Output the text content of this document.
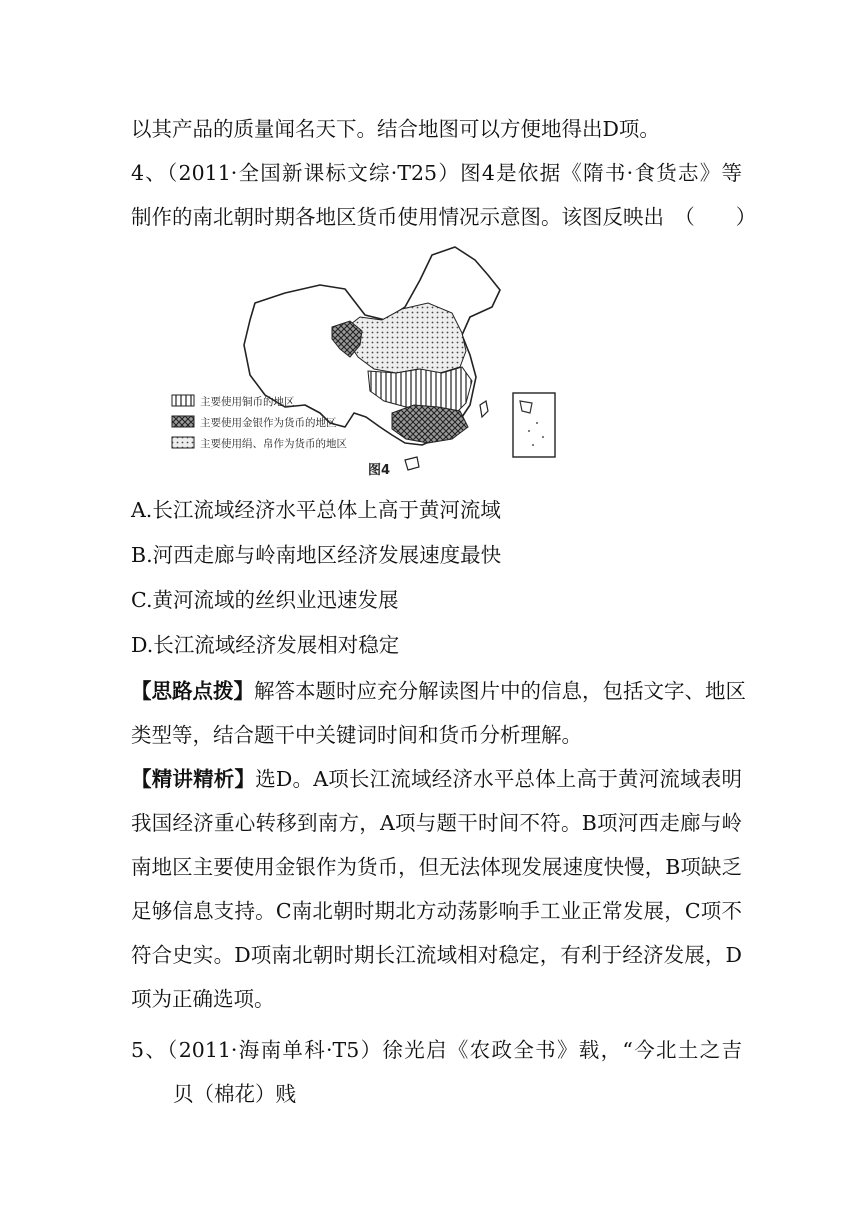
以其产品的质量闻名天下。结合地图可以方便地得出D项。
4、（2011·全国新课标文综·T25）图4是依据《隋书·食货志》等
制作的南北朝时期各地区货币使用情况示意图。该图反映出　（　　）
主要使用铜币的地区
主要使用金银作为货币的地区
主要使用绢、帛作为货币的地区
图4
A.长江流域经济水平总体上高于黄河流域
B.河西走廊与岭南地区经济发展速度最快
C.黄河流域的丝织业迅速发展
D.长江流域经济发展相对稳定
【思路点拨】解答本题时应充分解读图片中的信息，包括文字、地区
类型等，结合题干中关键词时间和货币分析理解。
【精讲精析】选D。A项长江流域经济水平总体上高于黄河流域表明
我国经济重心转移到南方，A项与题干时间不符。B项河西走廊与岭
南地区主要使用金银作为货币，但无法体现发展速度快慢，B项缺乏
足够信息支持。C南北朝时期北方动荡影响手工业正常发展，C项不
符合史实。D项南北朝时期长江流域相对稳定，有利于经济发展，D
项为正确选项。
5、（2011·海南单科·T5）徐光启《农政全书》载，“今北土之吉
贝（棉花）贱
